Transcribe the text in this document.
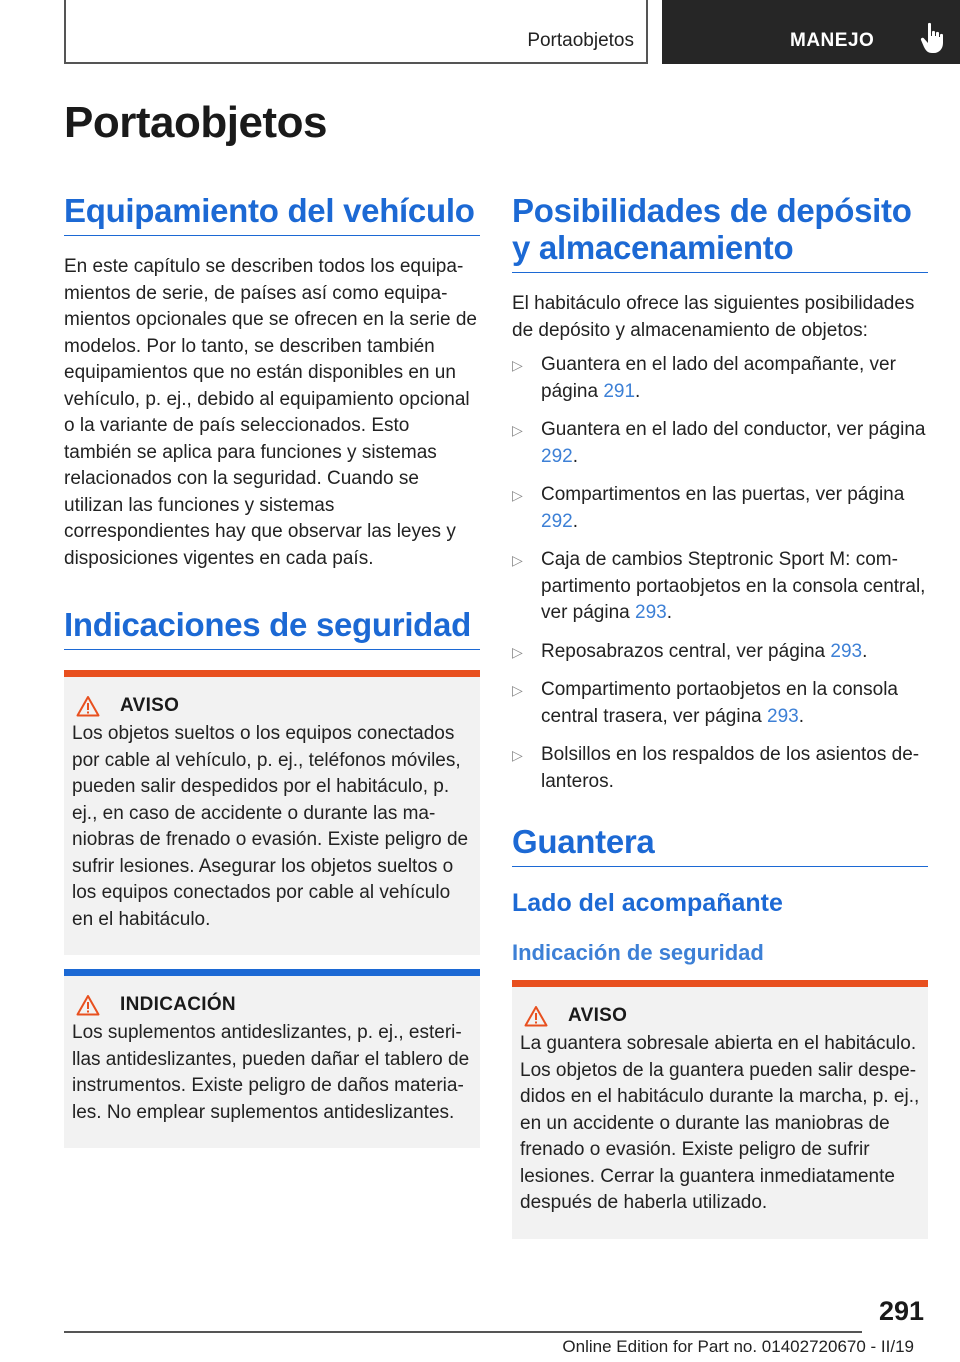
Portaobjetos	MANEJO
Portaobjetos
Equipamiento del vehículo

En este capítulo se describen todos los equipamientos de serie, de países así como equipamientos opcionales que se ofrecen en la serie de modelos. Por lo tanto, se describen también equipamientos que no están disponibles en un vehículo, p. ej., debido al equipamiento opcional o la variante de país seleccionados. Esto también se aplica para funciones y sistemas relacionados con la seguridad. Cuando se utilizan las funciones y sistemas correspondientes hay que observar las leyes y disposiciones vigentes en cada país.

Indicaciones de seguridad
AVISO

Los objetos sueltos o los equipos conectados por cable al vehículo, p. ej., teléfonos móviles, pueden salir despedidos por el habitáculo, p. ej., en caso de accidente o durante las maniobras de frenado o evasión. Existe peligro de sufrir lesiones. Asegurar los objetos sueltos o los equipos conectados por cable al vehículo en el habitáculo.

INDICACIÓN

Los suplementos antideslizantes, p. ej., esterillas antideslizantes, pueden dañar el tablero de instrumentos. Existe peligro de daños materiales. No emplear suplementos antideslizantes.

Posibilidades de depósito y almacenamiento

El habitáculo ofrece las siguientes posibilidades de depósito y almacenamiento de objetos:

▷ Guantera en el lado del acompañante, ver página 291.
▷ Guantera en el lado del conductor, ver página 292.
▷ Compartimentos en las puertas, ver página 292.
▷ Caja de cambios Steptronic Sport M: compartimento portaobjetos en la consola central, ver página 293.
▷ Reposabrazos central, ver página 293.
▷ Compartimento portaobjetos en la consola central trasera, ver página 293.
▷ Bolsillos en los respaldos de los asientos delanteros.
Guantera
Lado del acompañante
Indicación de seguridad
AVISO

La guantera sobresale abierta en el habitáculo. Los objetos de la guantera pueden salir despedidos en el habitáculo durante la marcha, p. ej., en un accidente o durante las maniobras de frenado o evasión. Existe peligro de sufrir lesiones. Cerrar la guantera inmediatamente después de haberla utilizado.

291
Online Edition for Part no. 01402720670 - II/19
